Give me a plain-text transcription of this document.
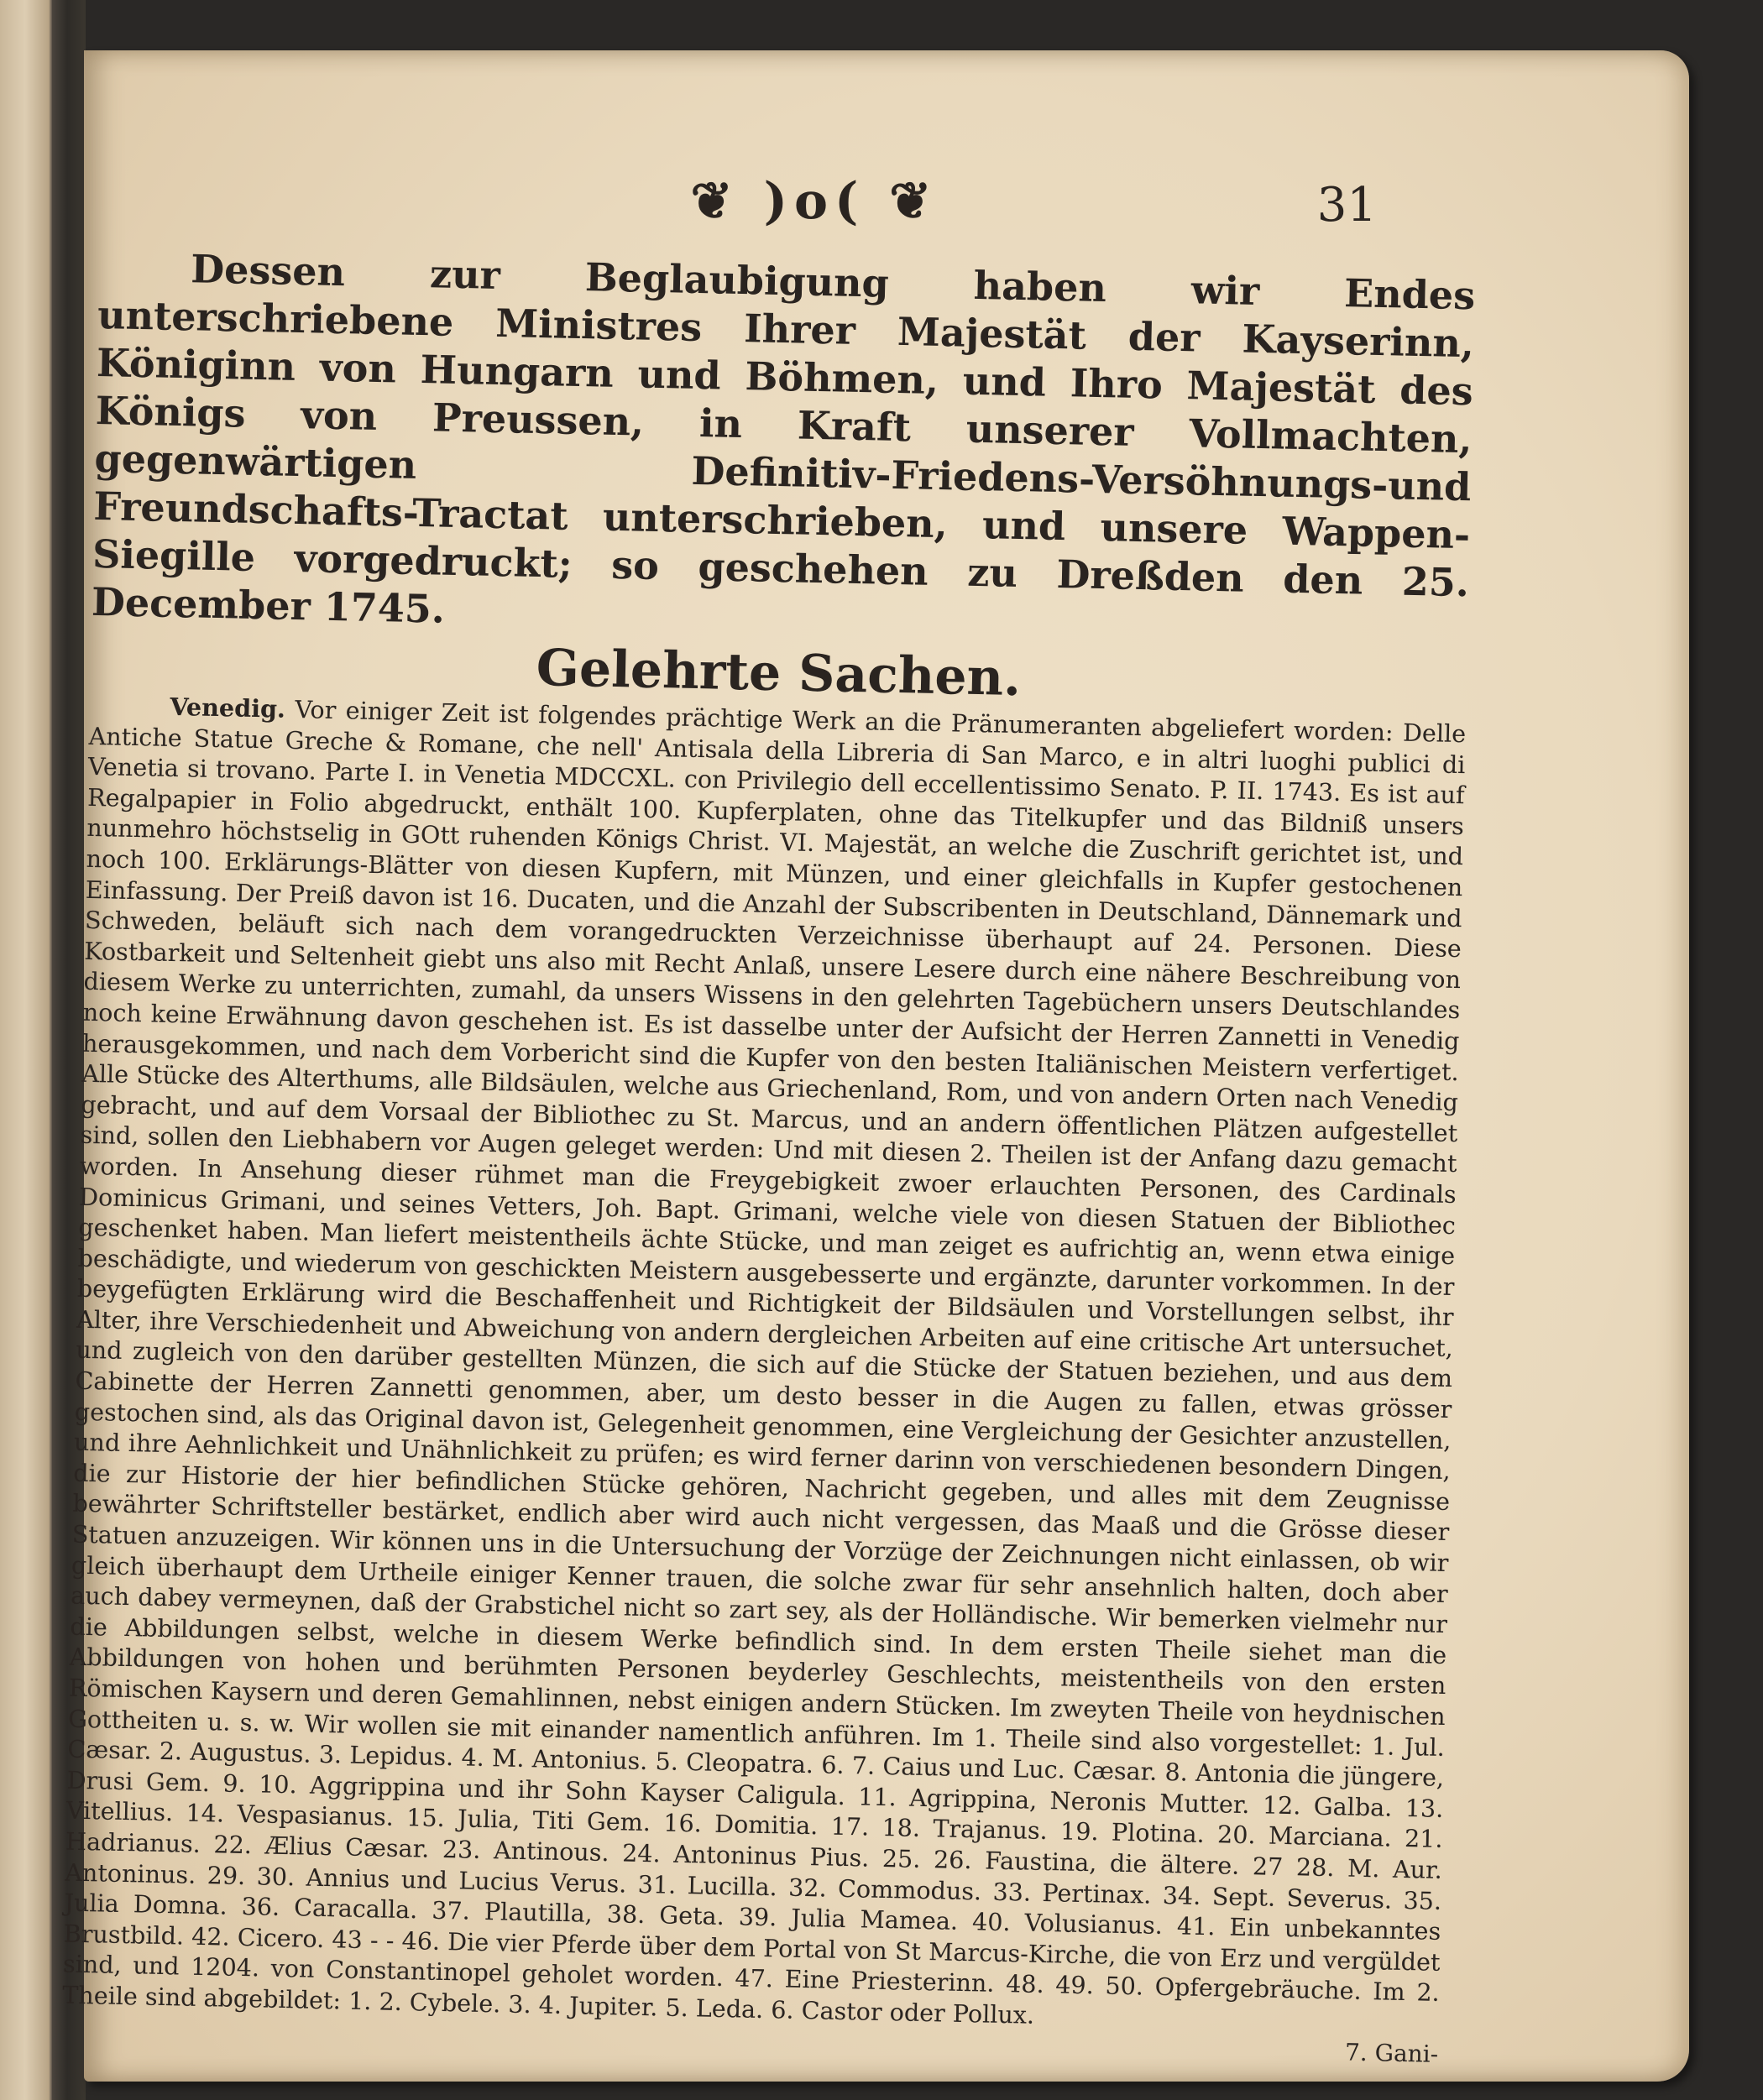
❦ )o( ❦	31

Dessen zur Beglaubigung haben wir Endes unterschriebene Ministres Ihrer Majestät der Kayserinn, Königinn von Hungarn und Böhmen, und Ihro Majestät des Königs von Preussen, in Kraft unserer Vollmachten, gegenwärtigen Definitiv-Friedens-Versöhnungs-und Freundschafts-Tractat unterschrieben, und unsere Wappen-Siegille vorgedruckt; so geschehen zu Dreßden den 25. December 1745.

Gelehrte Sachen.

Venedig. Vor einiger Zeit ist folgendes prächtige Werk an die Pränumeranten abgeliefert worden: Delle Antiche Statue Greche & Romane, che nell' Antisala della Libreria di San Marco, e in altri luoghi publici di Venetia si trovano. Parte I. in Venetia MDCCXL. con Privilegio dell eccellentissimo Senato. P. II. 1743. Es ist auf Regalpapier in Folio abgedruckt, enthält 100. Kupferplaten, ohne das Titelkupfer und das Bildniß unsers nunmehro höchstselig in GOtt ruhenden Königs Christ. VI. Majestät, an welche die Zuschrift gerichtet ist, und noch 100. Erklärungs-Blätter von diesen Kupfern, mit Münzen, und einer gleichfalls in Kupfer gestochenen Einfassung. Der Preiß davon ist 16. Ducaten, und die Anzahl der Subscribenten in Deutschland, Dännemark und Schweden, beläuft sich nach dem vorangedruckten Verzeichnisse überhaupt auf 24. Personen. Diese Kostbarkeit und Seltenheit giebt uns also mit Recht Anlaß, unsere Lesere durch eine nähere Beschreibung von diesem Werke zu unterrichten, zumahl, da unsers Wissens in den gelehrten Tagebüchern unsers Deutschlandes noch keine Erwähnung davon geschehen ist. Es ist dasselbe unter der Aufsicht der Herren Zannetti in Venedig herausgekommen, und nach dem Vorbericht sind die Kupfer von den besten Italiänischen Meistern verfertiget. Alle Stücke des Alterthums, alle Bildsäulen, welche aus Griechenland, Rom, und von andern Orten nach Venedig gebracht, und auf dem Vorsaal der Bibliothec zu St. Marcus, und an andern öffentlichen Plätzen aufgestellet sind, sollen den Liebhabern vor Augen geleget werden: Und mit diesen 2. Theilen ist der Anfang dazu gemacht worden. In Ansehung dieser rühmet man die Freygebigkeit zwoer erlauchten Personen, des Cardinals Dominicus Grimani, und seines Vetters, Joh. Bapt. Grimani, welche viele von diesen Statuen der Bibliothec geschenket haben. Man liefert meistentheils ächte Stücke, und man zeiget es aufrichtig an, wenn etwa einige beschädigte, und wiederum von geschickten Meistern ausgebesserte und ergänzte, darunter vorkommen. In der beygefügten Erklärung wird die Beschaffenheit und Richtigkeit der Bildsäulen und Vorstellungen selbst, ihr Alter, ihre Verschiedenheit und Abweichung von andern dergleichen Arbeiten auf eine critische Art untersuchet, und zugleich von den darüber gestellten Münzen, die sich auf die Stücke der Statuen beziehen, und aus dem Cabinette der Herren Zannetti genommen, aber, um desto besser in die Augen zu fallen, etwas grösser gestochen sind, als das Original davon ist, Gelegenheit genommen, eine Vergleichung der Gesichter anzustellen, und ihre Aehnlichkeit und Unähnlichkeit zu prüfen; es wird ferner darinn von verschiedenen besondern Dingen, die zur Historie der hier befindlichen Stücke gehören, Nachricht gegeben, und alles mit dem Zeugnisse bewährter Schriftsteller bestärket, endlich aber wird auch nicht vergessen, das Maaß und die Grösse dieser Statuen anzuzeigen. Wir können uns in die Untersuchung der Vorzüge der Zeichnungen nicht einlassen, ob wir gleich überhaupt dem Urtheile einiger Kenner trauen, die solche zwar für sehr ansehnlich halten, doch aber auch dabey vermeynen, daß der Grabstichel nicht so zart sey, als der Holländische. Wir bemerken vielmehr nur die Abbildungen selbst, welche in diesem Werke befindlich sind. In dem ersten Theile siehet man die Abbildungen von hohen und berühmten Personen beyderley Geschlechts, meistentheils von den ersten Römischen Kaysern und deren Gemahlinnen, nebst einigen andern Stücken. Im zweyten Theile von heydnischen Gottheiten u. s. w. Wir wollen sie mit einander namentlich anführen. Im 1. Theile sind also vorgestellet: 1. Jul. Cæsar. 2. Augustus. 3. Lepidus. 4. M. Antonius. 5. Cleopatra. 6. 7. Caius und Luc. Cæsar. 8. Antonia die jüngere, Drusi Gem. 9. 10. Aggrippina und ihr Sohn Kayser Caligula. 11. Agrippina, Neronis Mutter. 12. Galba. 13. Vitellius. 14. Vespasianus. 15. Julia, Titi Gem. 16. Domitia. 17. 18. Trajanus. 19. Plotina. 20. Marciana. 21. Hadrianus. 22. Ælius Cæsar. 23. Antinous. 24. Antoninus Pius. 25. 26. Faustina, die ältere. 27 28. M. Aur. Antoninus. 29. 30. Annius und Lucius Verus. 31. Lucilla. 32. Commodus. 33. Pertinax. 34. Sept. Severus. 35. Julia Domna. 36. Caracalla. 37. Plautilla, 38. Geta. 39. Julia Mamea. 40. Volusianus. 41. Ein unbekanntes Brustbild. 42. Cicero. 43 - - 46. Die vier Pferde über dem Portal von St Marcus-Kirche, die von Erz und vergüldet sind, und 1204. von Constantinopel geholet worden. 47. Eine Priesterinn. 48. 49. 50. Opfergebräuche. Im 2. Theile sind abgebildet: 1. 2. Cybele. 3. 4. Jupiter. 5. Leda. 6. Castor oder Pollux.

7. Gani-
